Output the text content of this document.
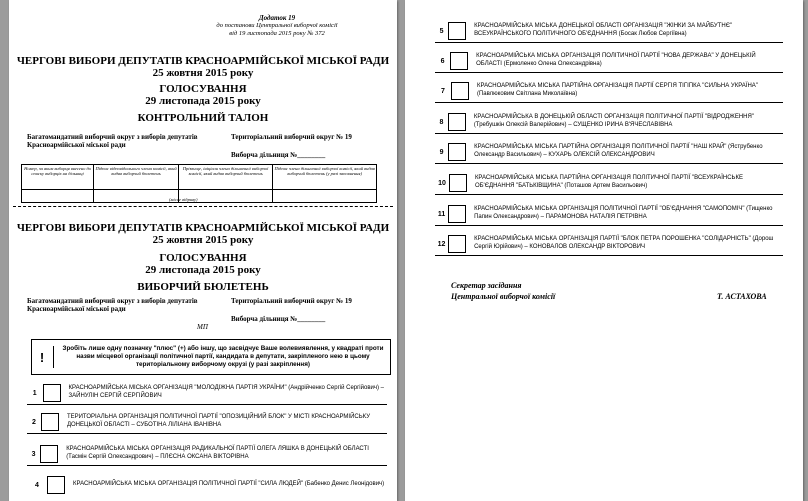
Додаток 19
до постанови Центральної виборчої комісії
від 19 листопада 2015 року № 372
ЧЕРГОВІ ВИБОРИ ДЕПУТАТІВ КРАСНОАРМІЙСЬКОЇ МІСЬКОЇ РАДИ
25 жовтня 2015 року
ГОЛОСУВАННЯ
29 листопада 2015 року
КОНТРОЛЬНИЙ ТАЛОН
Багатомандатний виборчий округ з виборів депутатів Красноармійської міської ради
Територіальний виборчий округ № 19
Виборча дільниця №________
Номер, за яким виборця внесено до списку виборців на дільниці	Підпис відповідального члена комісії, який видав виборчий бюлетень	Прізвище, ініціали члена дільничної виборчої комісії, який видав виборчий бюлетень	Підпис члена дільничної виборчої комісії, який видав виборчий бюлетень (у разі заповнення)

(місце відриву)
ЧЕРГОВІ ВИБОРИ ДЕПУТАТІВ КРАСНОАРМІЙСЬКОЇ МІСЬКОЇ РАДИ
25 жовтня 2015 року
ГОЛОСУВАННЯ
29 листопада 2015 року
ВИБОРЧИЙ БЮЛЕТЕНЬ
Багатомандатний виборчий округ з виборів депутатів Красноармійської міської ради
Територіальний виборчий округ № 19
Виборча дільниця №________
МП
!
Зробіть лише одну позначку "плюс" (+) або іншу, що засвідчує Ваше волевиявлення, у квадраті проти назви місцевої організації політичної партії, кандидата в депутати, закріпленого нею в цьому територіальному виборчому окрузі (у разі закріплення)
1
КРАСНОАРМІЙСЬКА МІСЬКА ОРГАНІЗАЦІЯ "МОЛОДІЖНА ПАРТІЯ УКРАЇНИ" (Андрійченко Сергій Сергійович) – ЗАЙНУЛІН СЕРГІЙ СЕРГІЙОВИЧ
2
ТЕРИТОРІАЛЬНА ОРГАНІЗАЦІЯ ПОЛІТИЧНОЇ ПАРТІЇ "ОПОЗИЦІЙНИЙ БЛОК" У МІСТІ КРАСНОАРМІЙСЬКУ ДОНЕЦЬКОЇ ОБЛАСТІ – СУБОТІНА ЛІЛІАНА ІВАНІВНА
3
КРАСНОАРМІЙСЬКА МІСЬКА ОРГАНІЗАЦІЯ РАДИКАЛЬНОЇ ПАРТІЇ ОЛЕГА ЛЯШКА В ДОНЕЦЬКІЙ ОБЛАСТІ (Тасмін Сергій Олександрович) – ПЛЄСНА ОКСАНА ВІКТОРІВНА
4	КРАСНОАРМІЙСЬКА МІСЬКА ОРГАНІЗАЦІЯ ПОЛІТИЧНОЇ ПАРТІЇ "СИЛА ЛЮДЕЙ" (Бабенко Денис Леонідович)
5
КРАСНОАРМІЙСЬКА МІСЬКА ДОНЕЦЬКОЇ ОБЛАСТІ ОРГАНІЗАЦІЯ "ЖІНКИ ЗА МАЙБУТНЄ" ВСЕУКРАЇНСЬКОГО ПОЛІТИЧНОГО ОБ'ЄДНАННЯ (Босак Любов Сергіївна)
6
КРАСНОАРМІЙСЬКА МІСЬКА ОРГАНІЗАЦІЯ ПОЛІТИЧНОЇ ПАРТІЇ "НОВА ДЕРЖАВА" У ДОНЕЦЬКІЙ ОБЛАСТІ (Ермоленко Олена Олександрівна)
7
КРАСНОАРМІЙСЬКА МІСЬКА ПАРТІЙНА ОРГАНІЗАЦІЯ ПАРТІЇ СЕРГІЯ ТІГІПКА "СИЛЬНА УКРАЇНА" (Павлюковим Світлана Миколаївна)
8
КРАСНОАРМІЙСЬКА В ДОНЕЦЬКІЙ ОБЛАСТІ ОРГАНІЗАЦІЯ ПОЛІТИЧНОЇ ПАРТІЇ "ВІДРОДЖЕННЯ" (Требушкін Олексій Валерійович) – СУЩЕНКО ІРИНА В'ЯЧЕСЛАВІВНА
9
КРАСНОАРМІЙСЬКА МІСЬКА ПАРТІЙНА ОРГАНІЗАЦІЯ ПОЛІТИЧНОЇ ПАРТІЇ "НАШ КРАЙ" (Яструбенко Олександр Васильович) – КУХАРЬ ОЛЕКСІЙ ОЛЕКСАНДРОВИЧ
10
КРАСНОАРМІЙСЬКА МІСЬКА ПАРТІЙНА ОРГАНІЗАЦІЯ ПОЛІТИЧНОЇ ПАРТІЇ "ВСЕУКРАЇНСЬКЕ ОБ'ЄДНАННЯ "БАТЬКІВЩИНА" (Поташов Артем Васильович)
11
КРАСНОАРМІЙСЬКА МІСЬКА ОРГАНІЗАЦІЯ ПОЛІТИЧНОЇ ПАРТІЇ "ОБ'ЄДНАННЯ "САМОПОМІЧ" (Тищенко Папин Олександрович) – ПАРАМОНОВА НАТАЛІЯ ПЕТРІВНА
12
КРАСНОАРМІЙСЬКА МІСЬКА ОРГАНІЗАЦІЯ ПАРТІЇ "БЛОК ПЕТРА ПОРОШЕНКА "СОЛІДАРНІСТЬ" (Дорош Сергій Юрійович) – КОНОВАЛОВ ОЛЕКСАНДР ВІКТОРОВИЧ
Секретар засідання
Центральної виборчої комісії	Т. АСТАХОВА
